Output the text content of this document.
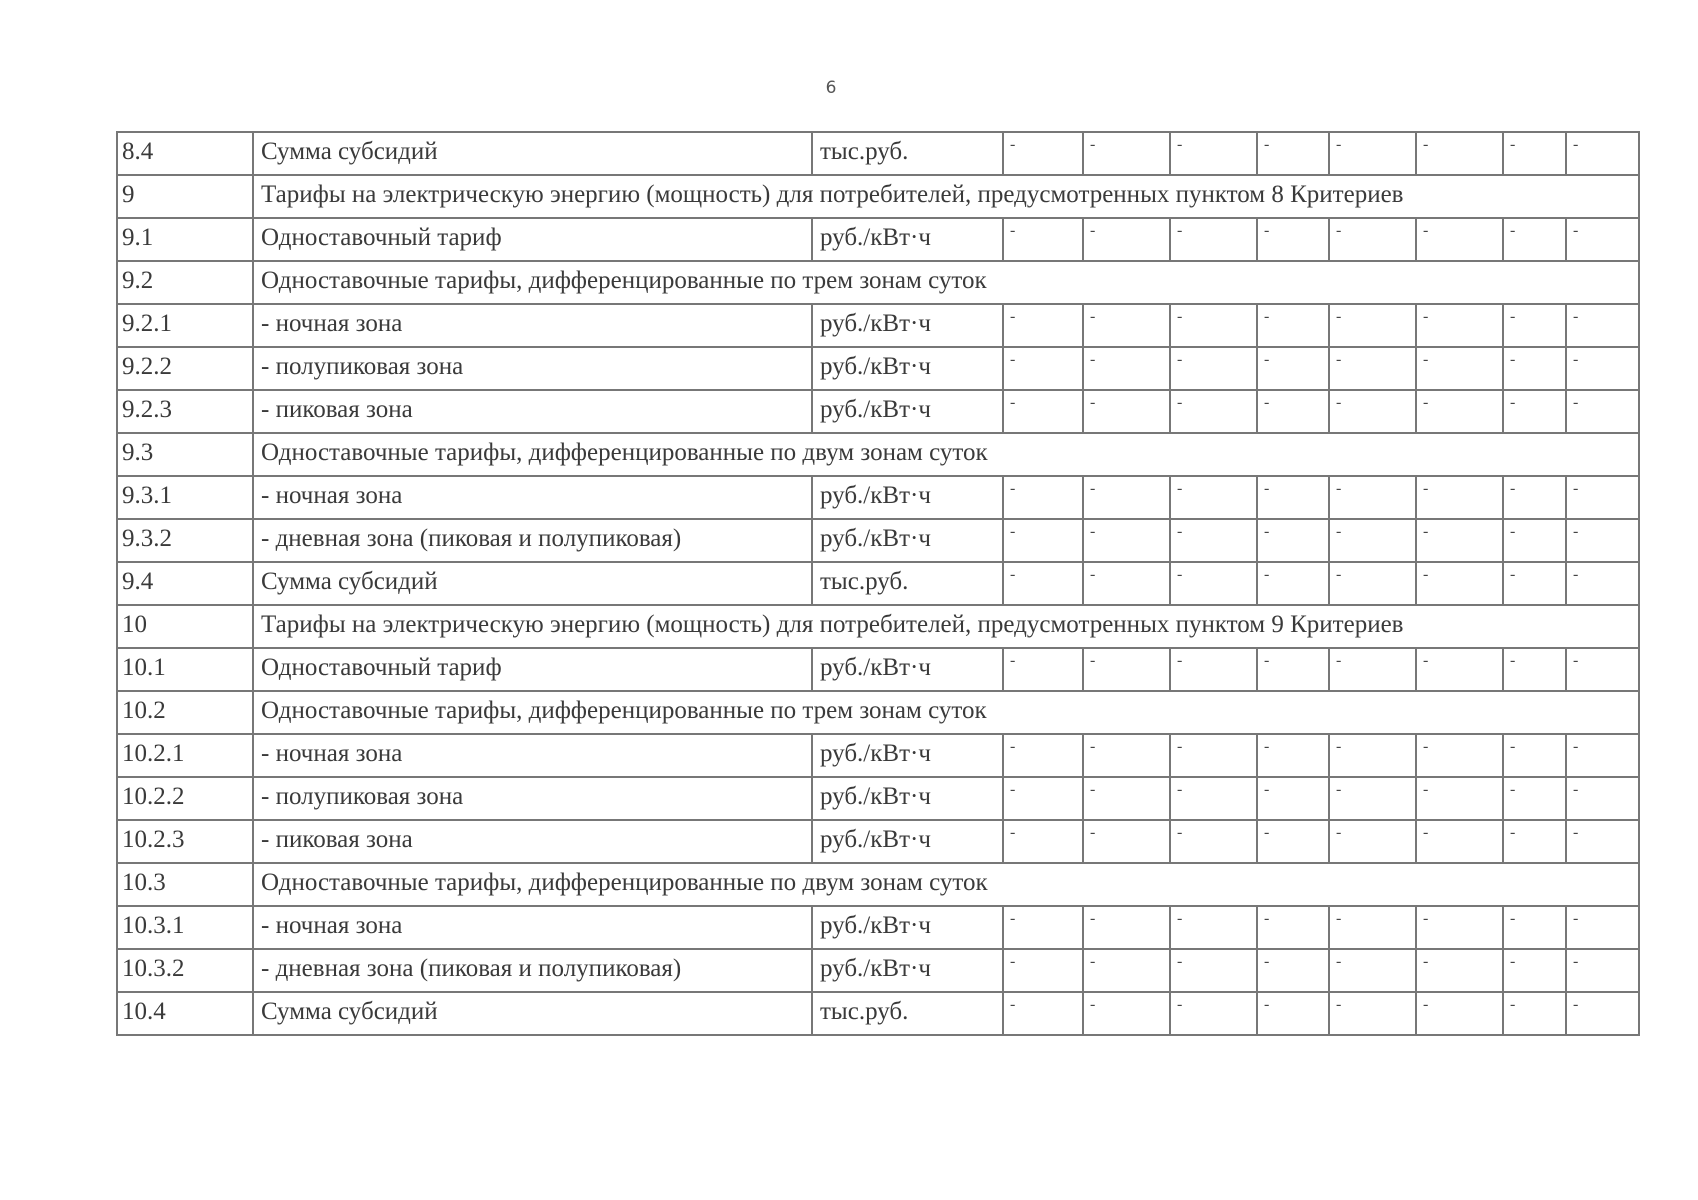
6
8.4	Сумма субсидий	тыс.руб.	-	-	-	-	-	-	-	-
9	Тарифы на электрическую энергию (мощность) для потребителей, предусмотренных пунктом 8 Критериев									
9.1	Одноставочный тариф	руб./кВт·ч	-	-	-	-	-	-	-	-
9.2	Одноставочные тарифы, дифференцированные по трем зонам суток									
9.2.1	- ночная зона	руб./кВт·ч	-	-	-	-	-	-	-	-
9.2.2	- полупиковая зона	руб./кВт·ч	-	-	-	-	-	-	-	-
9.2.3	- пиковая зона	руб./кВт·ч	-	-	-	-	-	-	-	-
9.3	Одноставочные тарифы, дифференцированные по двум зонам суток									
9.3.1	- ночная зона	руб./кВт·ч	-	-	-	-	-	-	-	-
9.3.2	- дневная зона (пиковая и полупиковая)	руб./кВт·ч	-	-	-	-	-	-	-	-
9.4	Сумма субсидий	тыс.руб.	-	-	-	-	-	-	-	-
10	Тарифы на электрическую энергию (мощность) для потребителей, предусмотренных пунктом 9 Критериев									
10.1	Одноставочный тариф	руб./кВт·ч	-	-	-	-	-	-	-	-
10.2	Одноставочные тарифы, дифференцированные по трем зонам суток									
10.2.1	- ночная зона	руб./кВт·ч	-	-	-	-	-	-	-	-
10.2.2	- полупиковая зона	руб./кВт·ч	-	-	-	-	-	-	-	-
10.2.3	- пиковая зона	руб./кВт·ч	-	-	-	-	-	-	-	-
10.3	Одноставочные тарифы, дифференцированные по двум зонам суток									
10.3.1	- ночная зона	руб./кВт·ч	-	-	-	-	-	-	-	-
10.3.2	- дневная зона (пиковая и полупиковая)	руб./кВт·ч	-	-	-	-	-	-	-	-
10.4	Сумма субсидий	тыс.руб.	-	-	-	-	-	-	-	-
